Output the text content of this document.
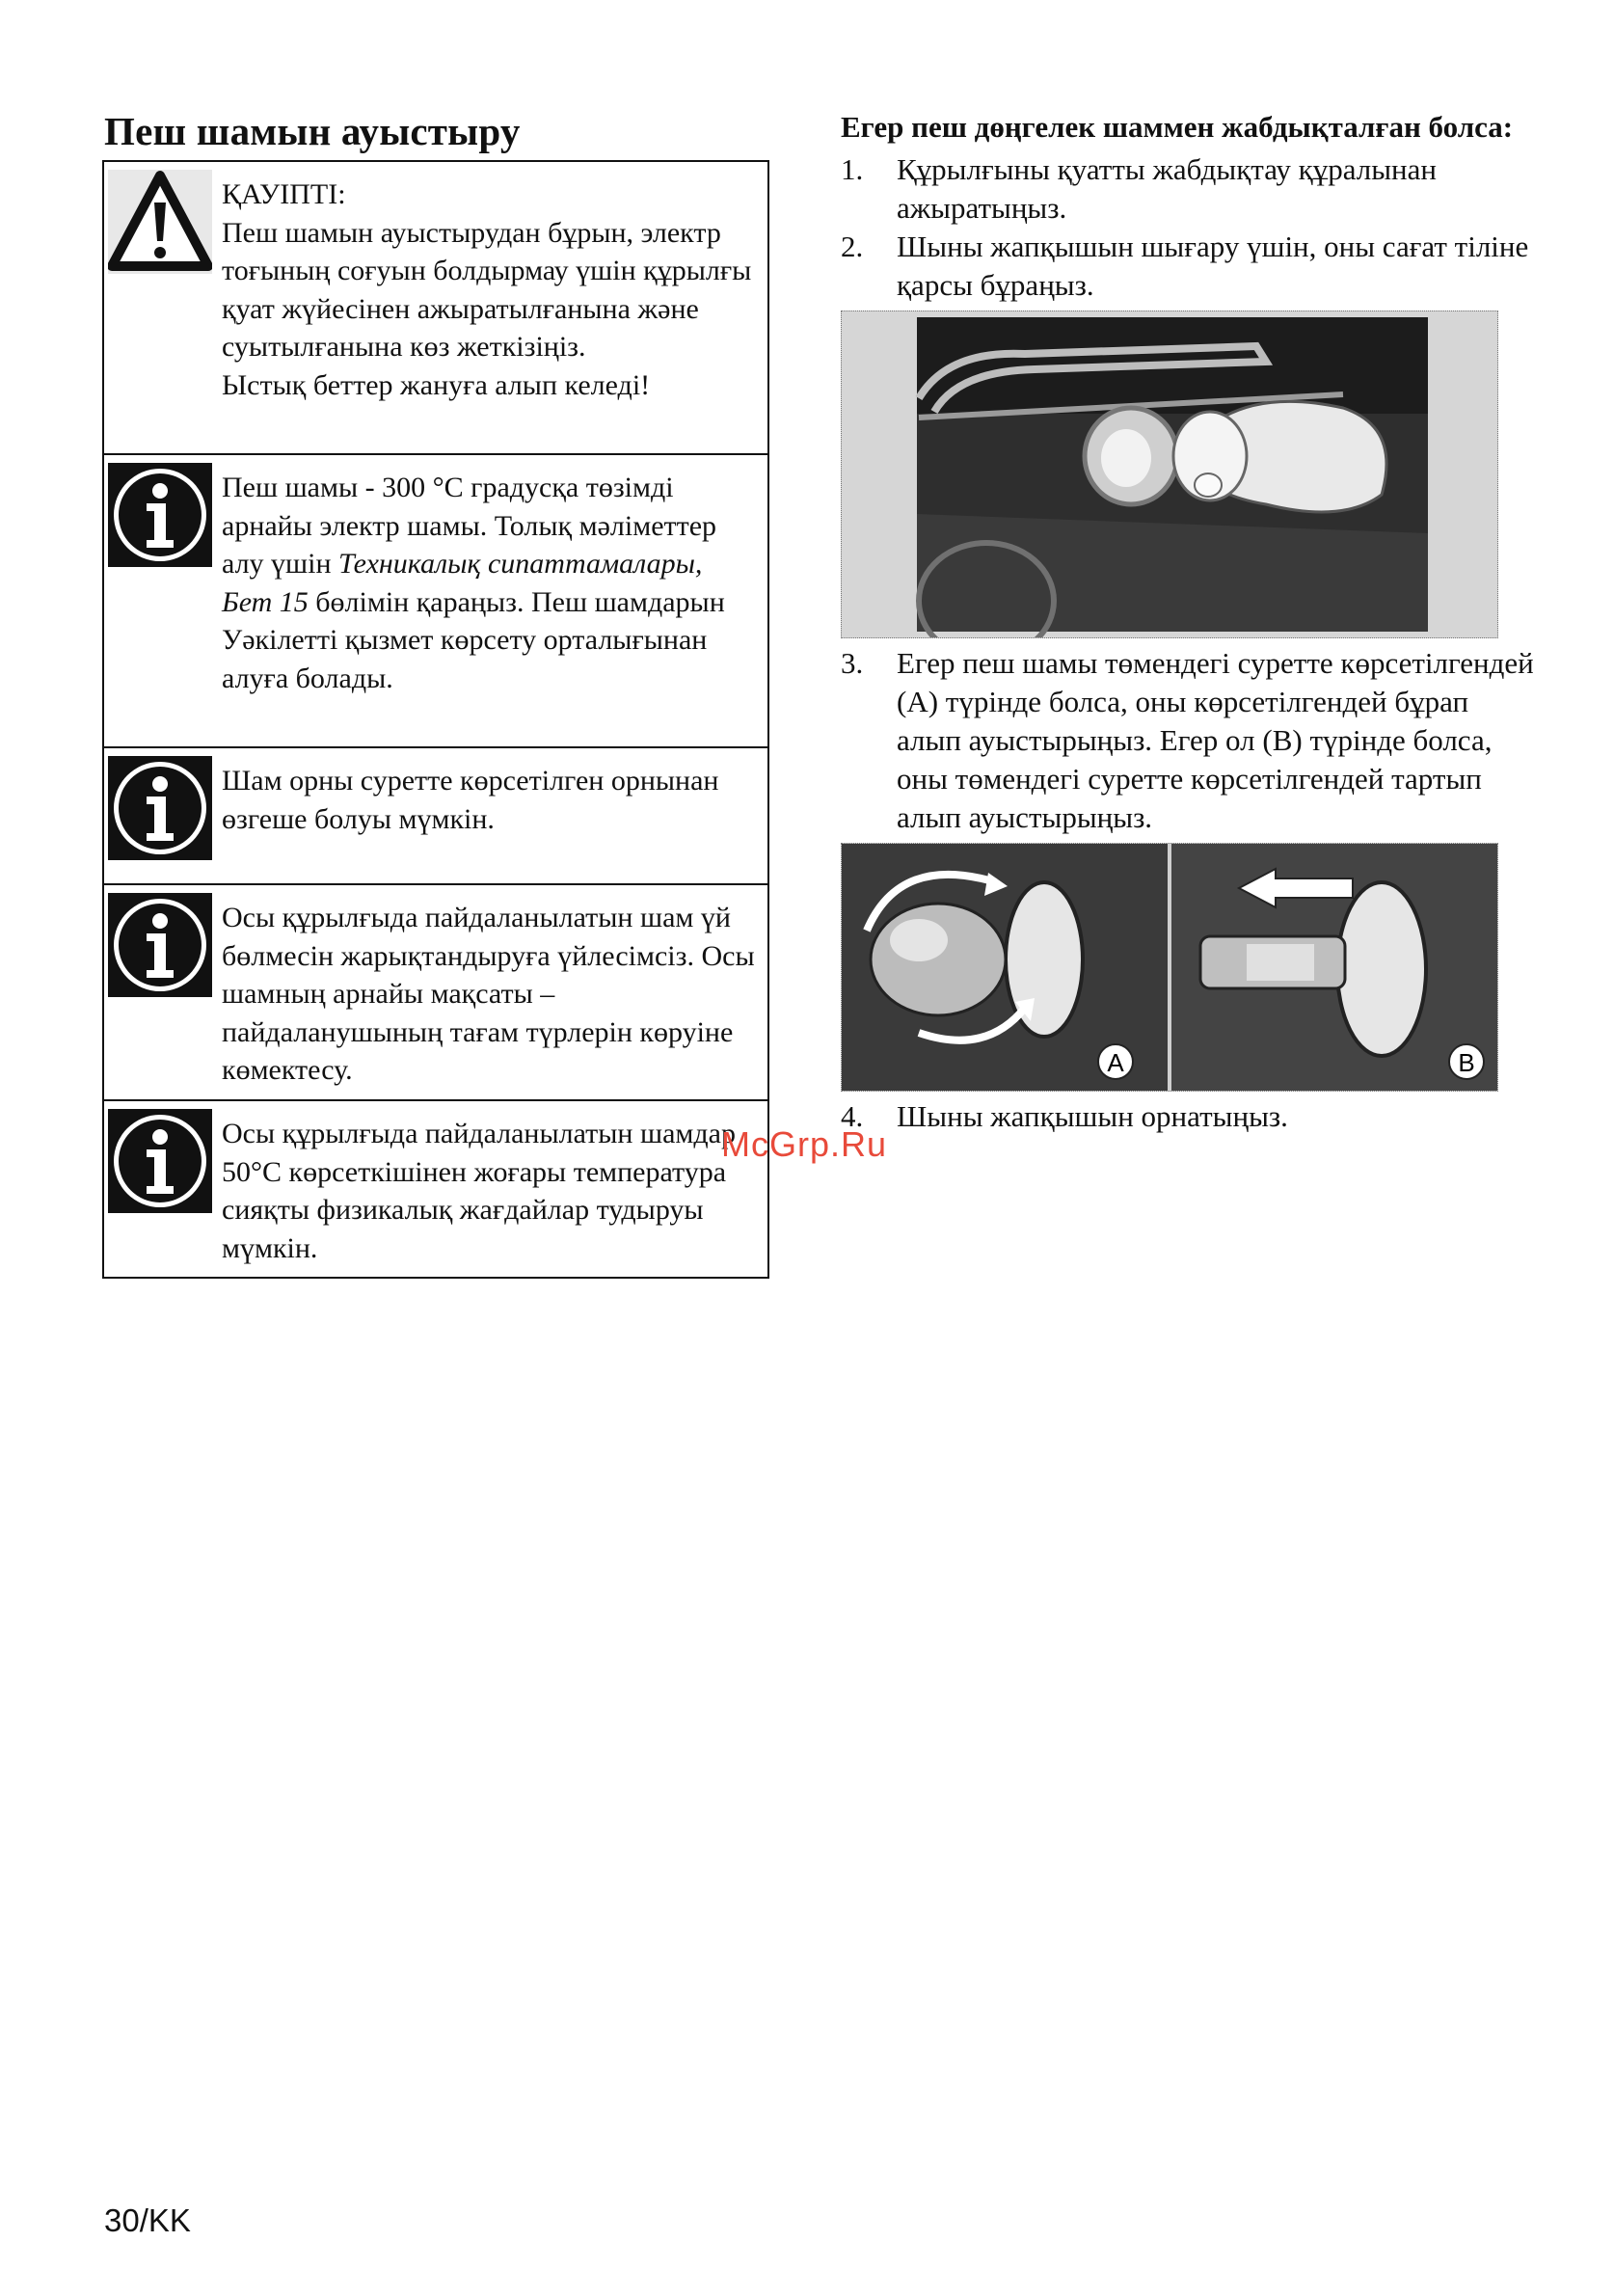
Пеш шамын ауыстыру

ҚАУІПТІ:

Пеш шамын ауыстырудан бұрын, электр тоғының соғуын болдырмау үшін құрылғы қуат жүйесінен ажыратылғанына және суытылғанына көз жеткізіңіз.

Ыстық беттер жануға алып келеді!

Пеш шамы - 300 °С градусқа төзімді арнайы электр шамы. Толық мәліметтер алу үшін Техникалық сипаттамалары, Бет 15 бөлімін қараңыз. Пеш шамдарын Уәкілетті қызмет көрсету орталығынан алуға болады.

Шам орны суретте көрсетілген орнынан өзгеше болуы мүмкін.

Осы құрылғыда пайдаланылатын шам үй бөлмесін жарықтандыруға үйлесімсіз. Осы шамның арнайы мақсаты – пайдаланушының тағам түрлерін көруіне көмектесу.

Осы құрылғыда пайдаланылатын шамдар 50°С көрсеткішінен жоғары температура сияқты физикалық жағдайлар тудыруы мүмкін.

Егер пеш дөңгелек шаммен жабдықталған болса:

1.	Құрылғыны қуатты жабдықтау құралынан ажыратыңыз.
2.	Шыны жапқышын шығару үшін, оны сағат тіліне қарсы бұраңыз.
3.	Егер пеш шамы төмендегі суретте көрсетілгендей (А) түрінде болса, оны көрсетілгендей бұрап алып ауыстырыңыз. Егер ол (В) түрінде болса, оны төмендегі суретте көрсетілгендей тартып алып ауыстырыңыз.
A	B
4.	Шыны жапқышын орнатыңыз.
McGrp.Ru
30/KK
